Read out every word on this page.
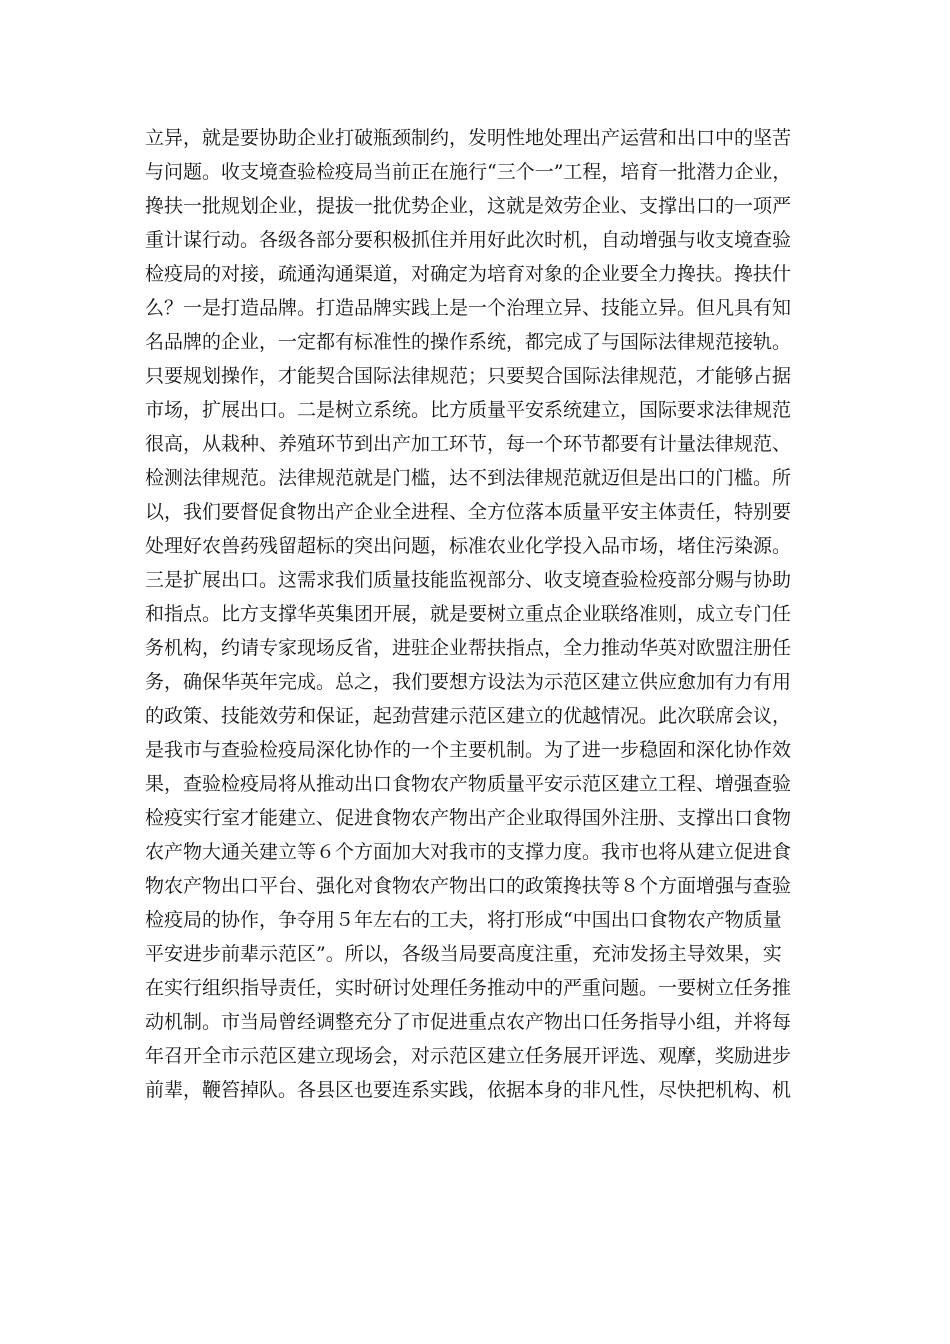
立异，就是要协助企业打破瓶颈制约，发明性地处理出产运营和出口中的坚苦
与问题。收支境查验检疫局当前正在施行“三个一”工程，培育一批潜力企业，
搀扶一批规划企业，提拔一批优势企业，这就是效劳企业、支撑出口的一项严
重计谋行动。各级各部分要积极抓住并用好此次时机，自动增强与收支境查验
检疫局的对接，疏通沟通渠道，对确定为培育对象的企业要全力搀扶。搀扶什
么？一是打造品牌。打造品牌实践上是一个治理立异、技能立异。但凡具有知
名品牌的企业，一定都有标准性的操作系统，都完成了与国际法律规范接轨。
只要规划操作，才能契合国际法律规范；只要契合国际法律规范，才能够占据
市场，扩展出口。二是树立系统。比方质量平安系统建立，国际要求法律规范
很高，从栽种、养殖环节到出产加工环节，每一个环节都要有计量法律规范、
检测法律规范。法律规范就是门槛，达不到法律规范就迈但是出口的门槛。所
以，我们要督促食物出产企业全进程、全方位落本质量平安主体责任，特别要
处理好农兽药残留超标的突出问题，标准农业化学投入品市场，堵住污染源。
三是扩展出口。这需求我们质量技能监视部分、收支境查验检疫部分赐与协助
和指点。比方支撑华英集团开展，就是要树立重点企业联络准则，成立专门任
务机构，约请专家现场反省，进驻企业帮扶指点，全力推动华英对欧盟注册任
务，确保华英年完成。总之，我们要想方设法为示范区建立供应愈加有力有用
的政策、技能效劳和保证，起劲营建示范区建立的优越情况。此次联席会议，
是我市与查验检疫局深化协作的一个主要机制。为了进一步稳固和深化协作效
果，查验检疫局将从推动出口食物农产物质量平安示范区建立工程、增强查验
检疫实行室才能建立、促进食物农产物出产企业取得国外注册、支撑出口食物
农产物大通关建立等６个方面加大对我市的支撑力度。我市也将从建立促进食
物农产物出口平台、强化对食物农产物出口的政策搀扶等８个方面增强与查验
检疫局的协作，争夺用５年左右的工夫，将打形成“中国出口食物农产物质量
平安进步前辈示范区”。所以，各级当局要高度注重，充沛发扬主导效果，实
在实行组织指导责任，实时研讨处理任务推动中的严重问题。一要树立任务推
动机制。市当局曾经调整充分了市促进重点农产物出口任务指导小组，并将每
年召开全市示范区建立现场会，对示范区建立任务展开评选、观摩，奖励进步
前辈，鞭笞掉队。各县区也要连系实践，依据本身的非凡性，尽快把机构、机
